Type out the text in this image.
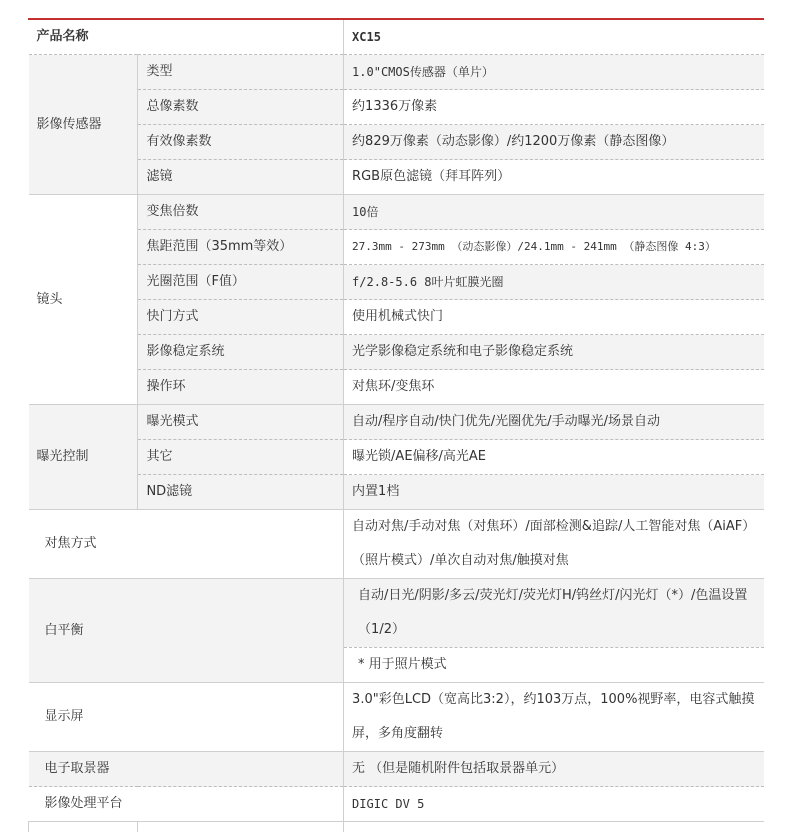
产品名称		XC15
影像传感器	类型	1.0"CMOS传感器（单片）
	总像素数	约1336万像素
	有效像素数	约829万像素（动态影像）/约1200万像素（静态图像）
	滤镜	RGB原色滤镜（拜耳阵列）
镜头	变焦倍数	10倍
	焦距范围（35mm等效）	27.3mm - 273mm （动态影像）/24.1mm - 241mm （静态图像 4:3）
	光圈范围（F值）	f/2.8-5.6 8叶片虹膜光圈
	快门方式	使用机械式快门
	影像稳定系统	光学影像稳定系统和电子影像稳定系统
	操作环	对焦环/变焦环
曝光控制	曝光模式	自动/程序自动/快门优先/光圈优先/手动曝光/场景自动
	其它	曝光锁/AE偏移/高光AE
	ND滤镜	内置1档
对焦方式		自动对焦/手动对焦（对焦环）/面部检测&追踪/人工智能对焦（AiAF）
（照片模式）/单次自动对焦/触摸对焦

白平衡		自动/日光/阴影/多云/荧光灯/荧光灯H/钨丝灯/闪光灯（*）/色温设置
（1/2）
* 用于照片模式

显示屏		3.0"彩色LCD（宽高比3:2），约103万点，100%视野率，电容式触摸
屏，多角度翻转

电子取景器		无 （但是随机附件包括取景器单元）
影像处理平台		DIGIC DV 5
